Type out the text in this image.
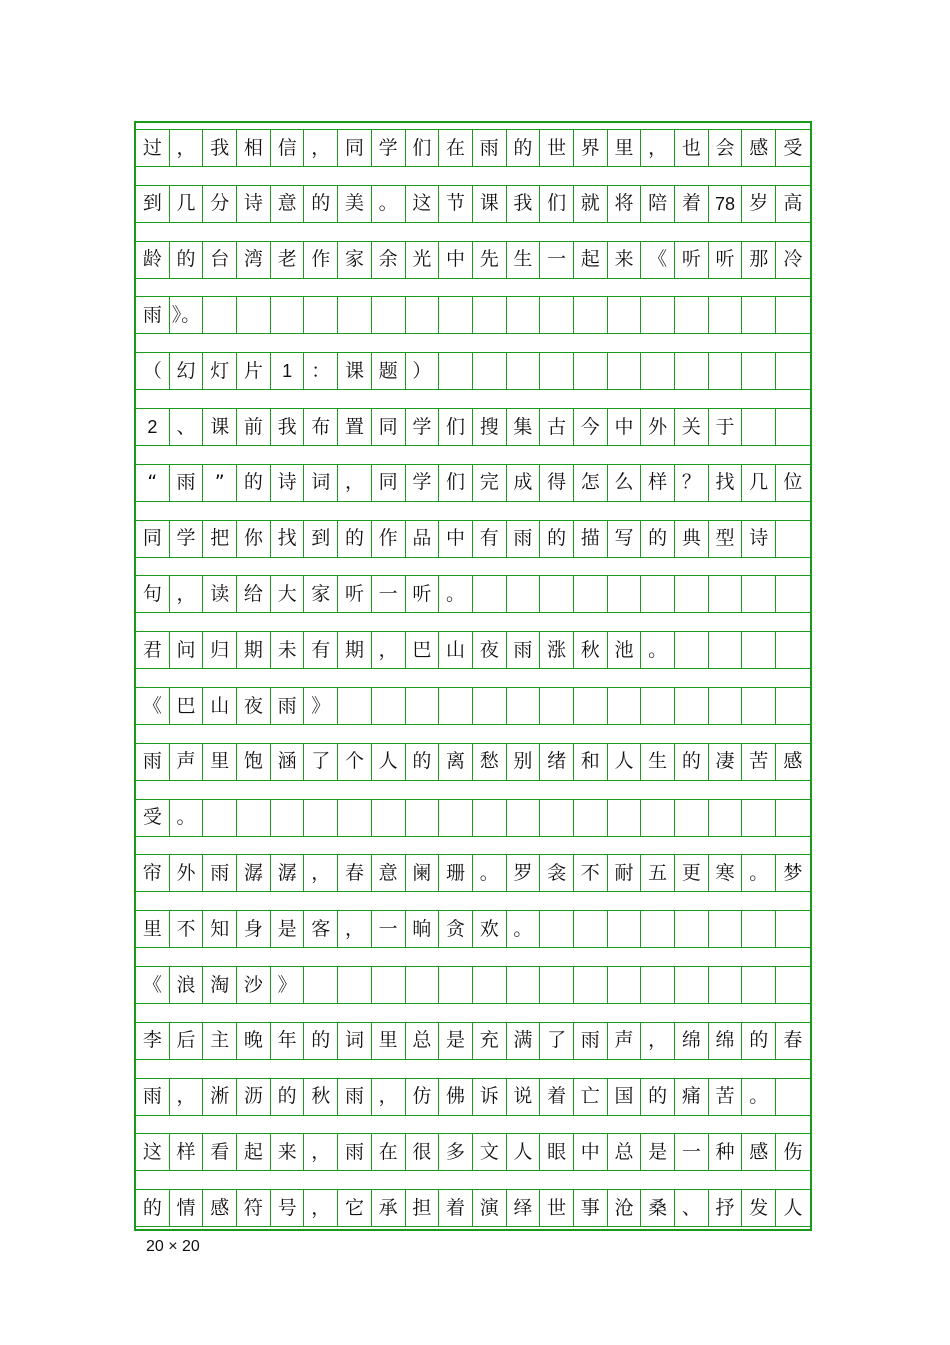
过 ， 我 相 信 ， 同 学 们 在 雨 的 世 界 里 ， 也 会 感 受
到 几 分 诗 意 的 美 。 这 节 课 我 们 就 将 陪 着 78 岁 高
龄 的 台 湾 老 作 家 余 光 中 先 生 一 起 来 《 听 听 那 冷
雨 》。
（ 幻 灯 片	1	： 课 题 ）
2	、 课 前 我 布 置 同 学 们 搜 集 古 今 中 外 关 于
“	雨	”	的 诗 词 ， 同 学 们 完 成 得 怎 么 样 ？ 找 几 位
同 学 把 你 找 到 的 作 品 中 有 雨 的 描 写 的 典 型 诗
句 ， 读 给 大 家 听 一 听 。
君 问 归 期 未 有 期 ， 巴 山 夜 雨 涨 秋 池 。
《 巴 山 夜 雨 》
雨 声 里 饱 涵 了 个 人 的 离 愁 别 绪 和 人 生 的 凄 苦 感
受 。
帘 外 雨 潺 潺 ， 春 意 阑 珊 。 罗 衾 不 耐 五 更 寒 。 梦
里 不 知 身 是 客 ， 一 晌 贪 欢 。
《 浪 淘 沙 》
李 后 主 晚 年 的 词 里 总 是 充 满 了 雨 声 ， 绵 绵 的 春
雨 ， 淅 沥 的 秋 雨 ， 仿 佛 诉 说 着 亡 国 的 痛 苦 。
这 样 看 起 来 ， 雨 在 很 多 文 人 眼 中 总 是 一 种 感 伤
的 情 感 符 号 ， 它 承 担 着 演 绎 世 事 沧 桑 、 抒 发 人
20 × 20
